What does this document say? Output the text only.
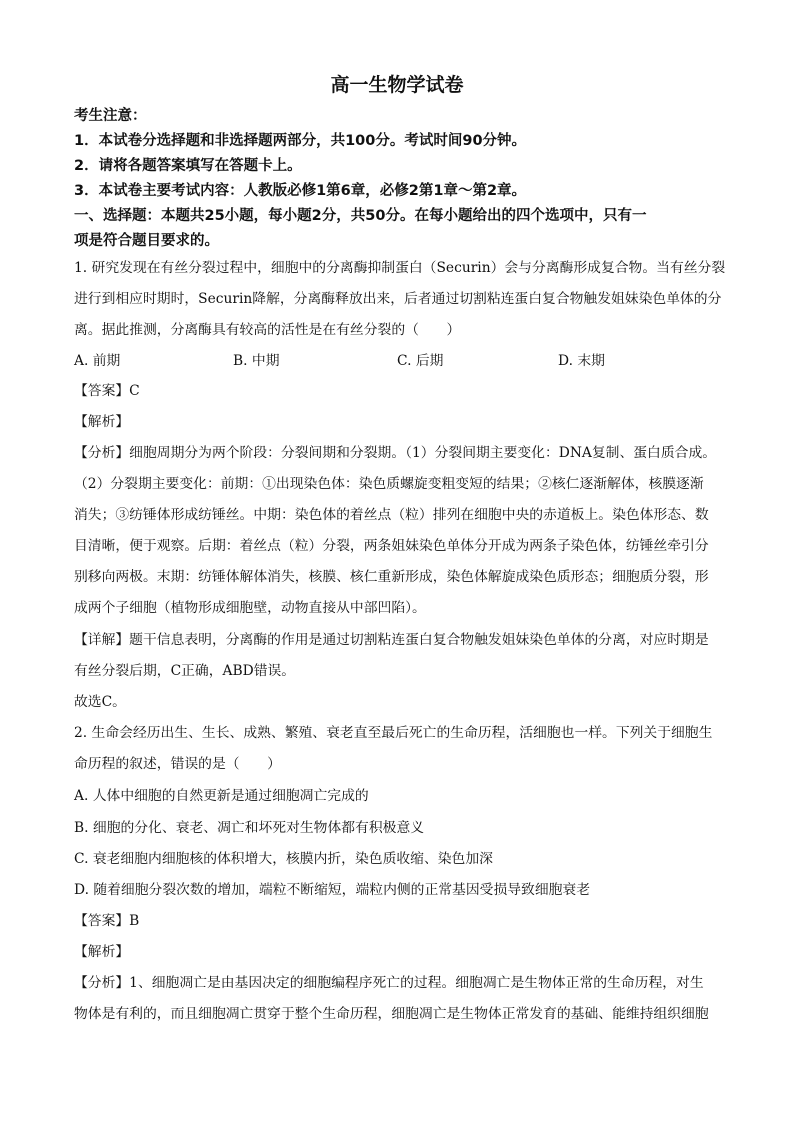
高一生物学试卷
考生注意：
1．本试卷分选择题和非选择题两部分，共100分。考试时间90分钟。
2．请将各题答案填写在答题卡上。
3．本试卷主要考试内容：人教版必修1第6章，必修2第1章～第2章。
一、选择题：本题共25小题，每小题2分，共50分。在每小题给出的四个选项中，只有一
项是符合题目要求的。
1. 研究发现在有丝分裂过程中，细胞中的分离酶抑制蛋白（Securin）会与分离酶形成复合物。当有丝分裂
进行到相应时期时，Securin降解，分离酶释放出来，后者通过切割粘连蛋白复合物触发姐妹染色单体的分
离。据此推测，分离酶具有较高的活性是在有丝分裂的（　　）
A. 前期	B. 中期	C. 后期	D. 末期
【答案】C
【解析】
【分析】细胞周期分为两个阶段：分裂间期和分裂期。（1）分裂间期主要变化：DNA复制、蛋白质合成。
（2）分裂期主要变化：前期：①出现染色体：染色质螺旋变粗变短的结果；②核仁逐渐解体，核膜逐渐
消失；③纺锤体形成纺锤丝。中期：染色体的着丝点（粒）排列在细胞中央的赤道板上。染色体形态、数
目清晰，便于观察。后期：着丝点（粒）分裂，两条姐妹染色单体分开成为两条子染色体，纺锤丝牵引分
别移向两极。末期：纺锤体解体消失，核膜、核仁重新形成，染色体解旋成染色质形态；细胞质分裂，形
成两个子细胞（植物形成细胞壁，动物直接从中部凹陷）。
【详解】题干信息表明，分离酶的作用是通过切割粘连蛋白复合物触发姐妹染色单体的分离，对应时期是
有丝分裂后期，C正确，ABD错误。
故选C。
2. 生命会经历出生、生长、成熟、繁殖、衰老直至最后死亡的生命历程，活细胞也一样。下列关于细胞生
命历程的叙述，错误的是（　　）
A. 人体中细胞的自然更新是通过细胞凋亡完成的
B. 细胞的分化、衰老、凋亡和坏死对生物体都有积极意义
C. 衰老细胞内细胞核的体积增大，核膜内折，染色质收缩、染色加深
D. 随着细胞分裂次数的增加，端粒不断缩短，端粒内侧的正常基因受损导致细胞衰老
【答案】B
【解析】
【分析】1、细胞凋亡是由基因决定的细胞编程序死亡的过程。细胞凋亡是生物体正常的生命历程，对生
物体是有利的，而且细胞凋亡贯穿于整个生命历程，细胞凋亡是生物体正常发育的基础、能维持组织细胞
